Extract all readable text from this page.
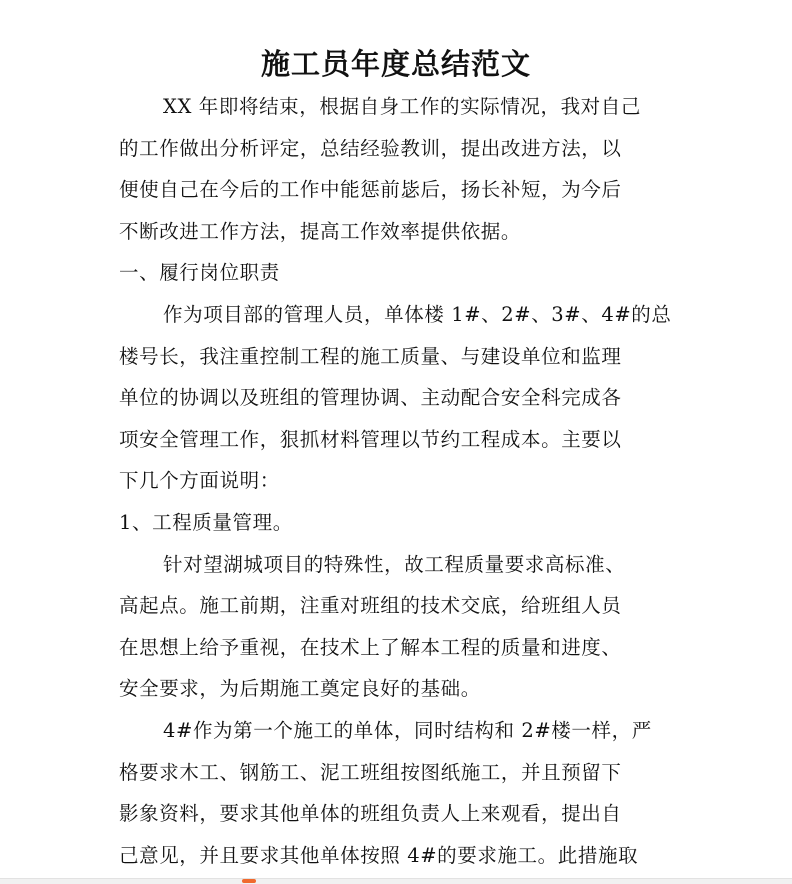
施工员年度总结范文
XX 年即将结束，根据自身工作的实际情况，我对自己
的工作做出分析评定，总结经验教训，提出改进方法，以
便使自己在今后的工作中能惩前毖后，扬长补短，为今后
不断改进工作方法，提高工作效率提供依据。
一、履行岗位职责
作为项目部的管理人员，单体楼 1#、2#、3#、4#的总
楼号长，我注重控制工程的施工质量、与建设单位和监理
单位的协调以及班组的管理协调、主动配合安全科完成各
项安全管理工作，狠抓材料管理以节约工程成本。主要以
下几个方面说明：
1、工程质量管理。
针对望湖城项目的特殊性，故工程质量要求高标准、
高起点。施工前期，注重对班组的技术交底，给班组人员
在思想上给予重视，在技术上了解本工程的质量和进度、
安全要求，为后期施工奠定良好的基础。
4#作为第一个施工的单体，同时结构和 2#楼一样，严
格要求木工、钢筋工、泥工班组按图纸施工，并且预留下
影象资料，要求其他单体的班组负责人上来观看，提出自
己意见，并且要求其他单体按照 4#的要求施工。此措施取
